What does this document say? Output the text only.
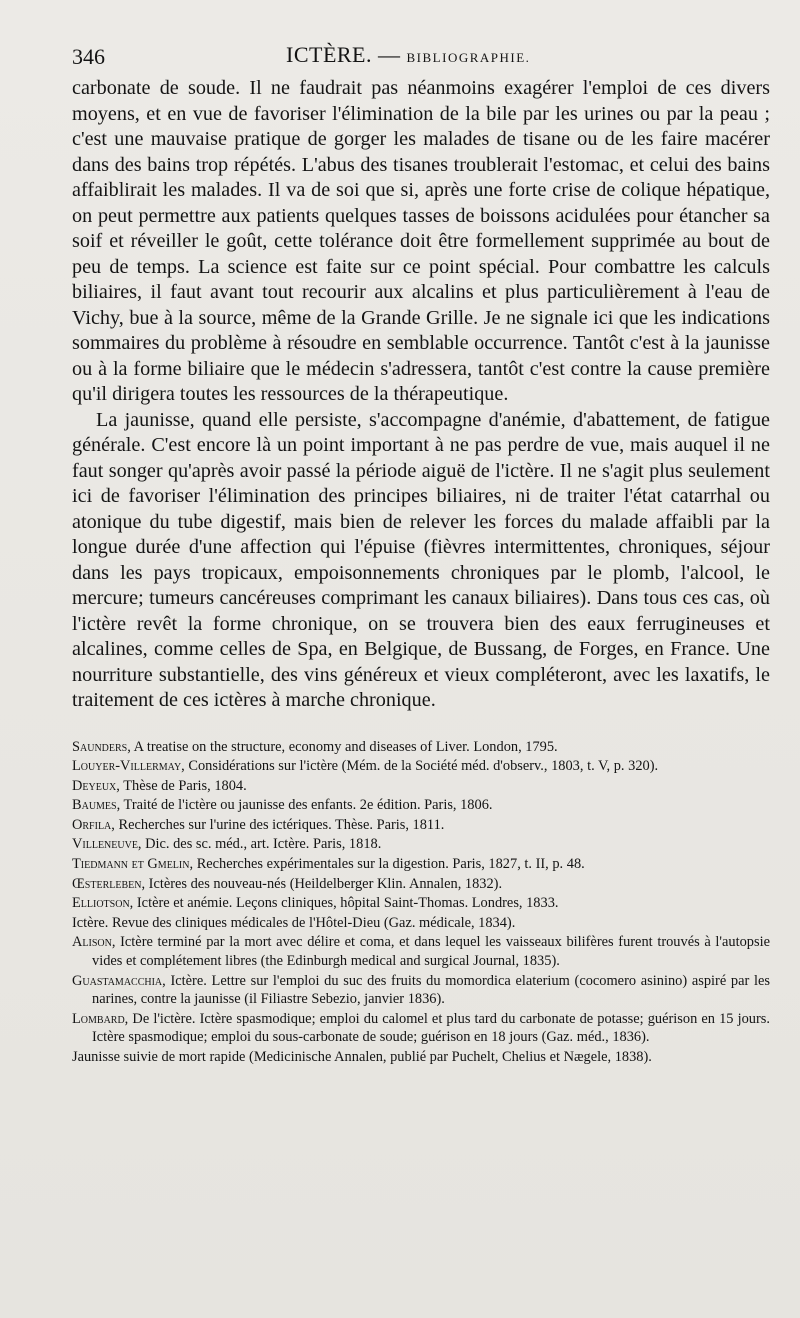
346	ICTÈRE. — BIBLIOGRAPHIE.

carbonate de soude. Il ne faudrait pas néanmoins exagérer l'emploi de ces divers moyens, et en vue de favoriser l'élimination de la bile par les urines ou par la peau ; c'est une mauvaise pratique de gorger les malades de tisane ou de les faire macérer dans des bains trop répétés. L'abus des tisanes troublerait l'estomac, et celui des bains affaiblirait les malades. Il va de soi que si, après une forte crise de colique hépatique, on peut permettre aux patients quelques tasses de boissons acidulées pour étancher sa soif et réveiller le goût, cette tolérance doit être formellement supprimée au bout de peu de temps. La science est faite sur ce point spécial. Pour combattre les calculs biliaires, il faut avant tout recourir aux alcalins et plus particulièrement à l'eau de Vichy, bue à la source, même de la Grande Grille. Je ne signale ici que les indications sommaires du problème à résoudre en semblable occurrence. Tantôt c'est à la jaunisse ou à la forme biliaire que le médecin s'adressera, tantôt c'est contre la cause première qu'il dirigera toutes les ressources de la thérapeutique.

La jaunisse, quand elle persiste, s'accompagne d'anémie, d'abattement, de fatigue générale. C'est encore là un point important à ne pas perdre de vue, mais auquel il ne faut songer qu'après avoir passé la période aiguë de l'ictère. Il ne s'agit plus seulement ici de favoriser l'élimination des principes biliaires, ni de traiter l'état catarrhal ou atonique du tube digestif, mais bien de relever les forces du malade affaibli par la longue durée d'une affection qui l'épuise (fièvres intermittentes, chroniques, séjour dans les pays tropicaux, empoisonnements chroniques par le plomb, l'alcool, le mercure; tumeurs cancéreuses comprimant les canaux biliaires). Dans tous ces cas, où l'ictère revêt la forme chronique, on se trouvera bien des eaux ferrugineuses et alcalines, comme celles de Spa, en Belgique, de Bussang, de Forges, en France. Une nourriture substantielle, des vins généreux et vieux compléteront, avec les laxatifs, le traitement de ces ictères à marche chronique.

Saunders, A treatise on the structure, economy and diseases of Liver. London, 1795.
Louyer-Villermay, Considérations sur l'ictère (Mém. de la Société méd. d'observ., 1803, t. V, p. 320).
Deyeux, Thèse de Paris, 1804.
Baumes, Traité de l'ictère ou jaunisse des enfants. 2e édition. Paris, 1806.
Orfila, Recherches sur l'urine des ictériques. Thèse. Paris, 1811.
Villeneuve, Dic. des sc. méd., art. Ictère. Paris, 1818.
Tiedmann et Gmelin, Recherches expérimentales sur la digestion. Paris, 1827, t. II, p. 48.
Œsterleben, Ictères des nouveau-nés (Heildelberger Klin. Annalen, 1832).
Elliotson, Ictère et anémie. Leçons cliniques, hôpital Saint-Thomas. Londres, 1833.
Ictère. Revue des cliniques médicales de l'Hôtel-Dieu (Gaz. médicale, 1834).
Alison, Ictère terminé par la mort avec délire et coma, et dans lequel les vaisseaux bilifères furent trouvés à l'autopsie vides et complétement libres (the Edinburgh medical and surgical Journal, 1835).
Guastamacchia, Ictère. Lettre sur l'emploi du suc des fruits du momordica elaterium (cocomero asinino) aspiré par les narines, contre la jaunisse (il Filiastre Sebezio, janvier 1836).
Lombard, De l'ictère. Ictère spasmodique; emploi du calomel et plus tard du carbonate de potasse; guérison en 15 jours. Ictère spasmodique; emploi du sous-carbonate de soude; guérison en 18 jours (Gaz. méd., 1836).
Jaunisse suivie de mort rapide (Medicinische Annalen, publié par Puchelt, Chelius et Nægele, 1838).
